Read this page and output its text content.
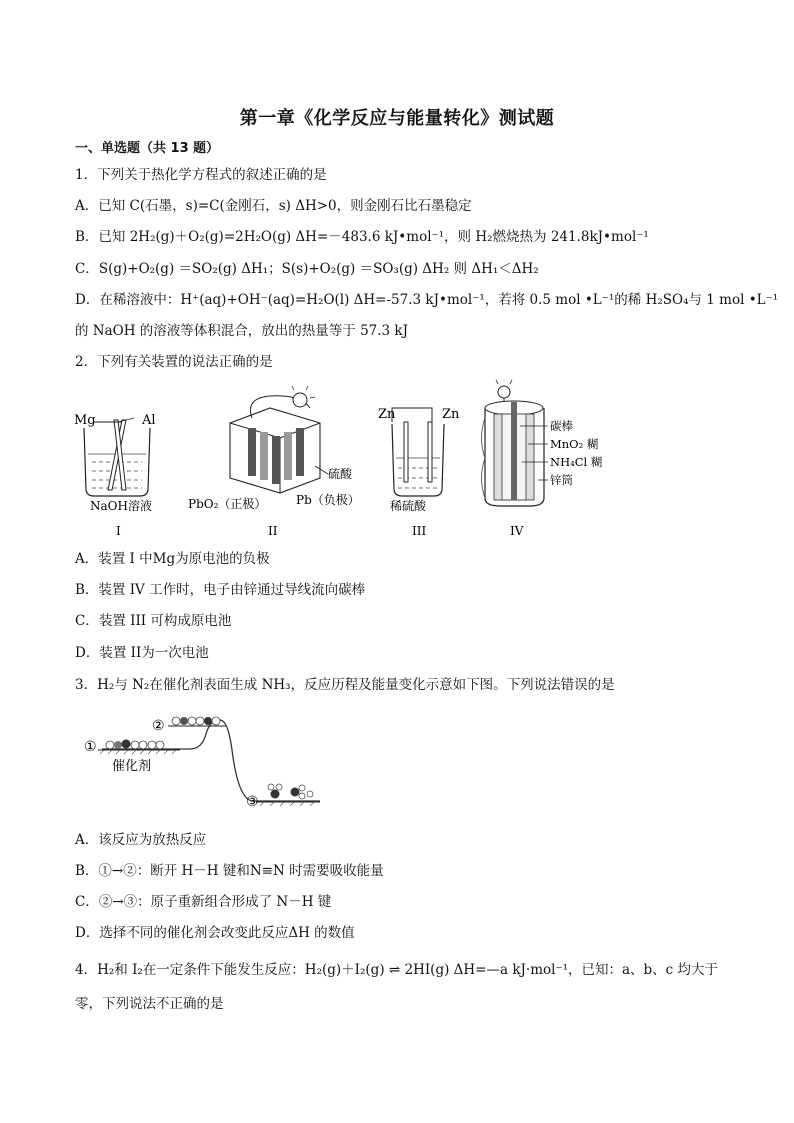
第一章《化学反应与能量转化》测试题
一、单选题（共 13 题）
1．下列关于热化学方程式的叙述正确的是
A．已知 C(石墨，s)=C(金刚石，s) ΔH>0，则金刚石比石墨稳定
B．已知 2H₂(g)＋O₂(g)=2H₂O(g) ΔH=－483.6 kJ•mol⁻¹，则 H₂燃烧热为 241.8kJ•mol⁻¹
C．S(g)+O₂(g) ＝SO₂(g) ΔH₁；S(s)+O₂(g) ＝SO₃(g) ΔH₂ 则 ΔH₁＜ΔH₂
D．在稀溶液中：H⁺(aq)+OH⁻(aq)=H₂O(l) ΔH=-57.3 kJ•mol⁻¹，若将 0.5 mol •L⁻¹的稀 H₂SO₄与 1 mol •L⁻¹
的 NaOH 的溶液等体积混合，放出的热量等于 57.3 kJ
2．下列有关装置的说法正确的是
Mg	Al
NaOH溶液
I
硫酸
PbO₂（正极） Pb（负极）
II
Zn	Zn
稀硫酸
III
碳棒
MnO₂ 糊
NH₄Cl 糊
锌筒
IV
A．装置 I 中Mg为原电池的负极
B．装置 IV 工作时，电子由锌通过导线流向碳棒
C．装置 III 可构成原电池
D．装置 II为一次电池
3．H₂与 N₂在催化剂表面生成 NH₃，反应历程及能量变化示意如下图。下列说法错误的是
①
催化剂
②
③
A．该反应为放热反应
B．①→②：断开 H－H 键和N≡N 时需要吸收能量
C．②→③：原子重新组合形成了 N－H 键
D．选择不同的催化剂会改变此反应ΔH 的数值
4．H₂和 I₂在一定条件下能发生反应：H₂(g)＋I₂(g) ⇌ 2HI(g) ΔH=—a kJ·mol⁻¹，已知：a、b、c 均大于
零，下列说法不正确的是
